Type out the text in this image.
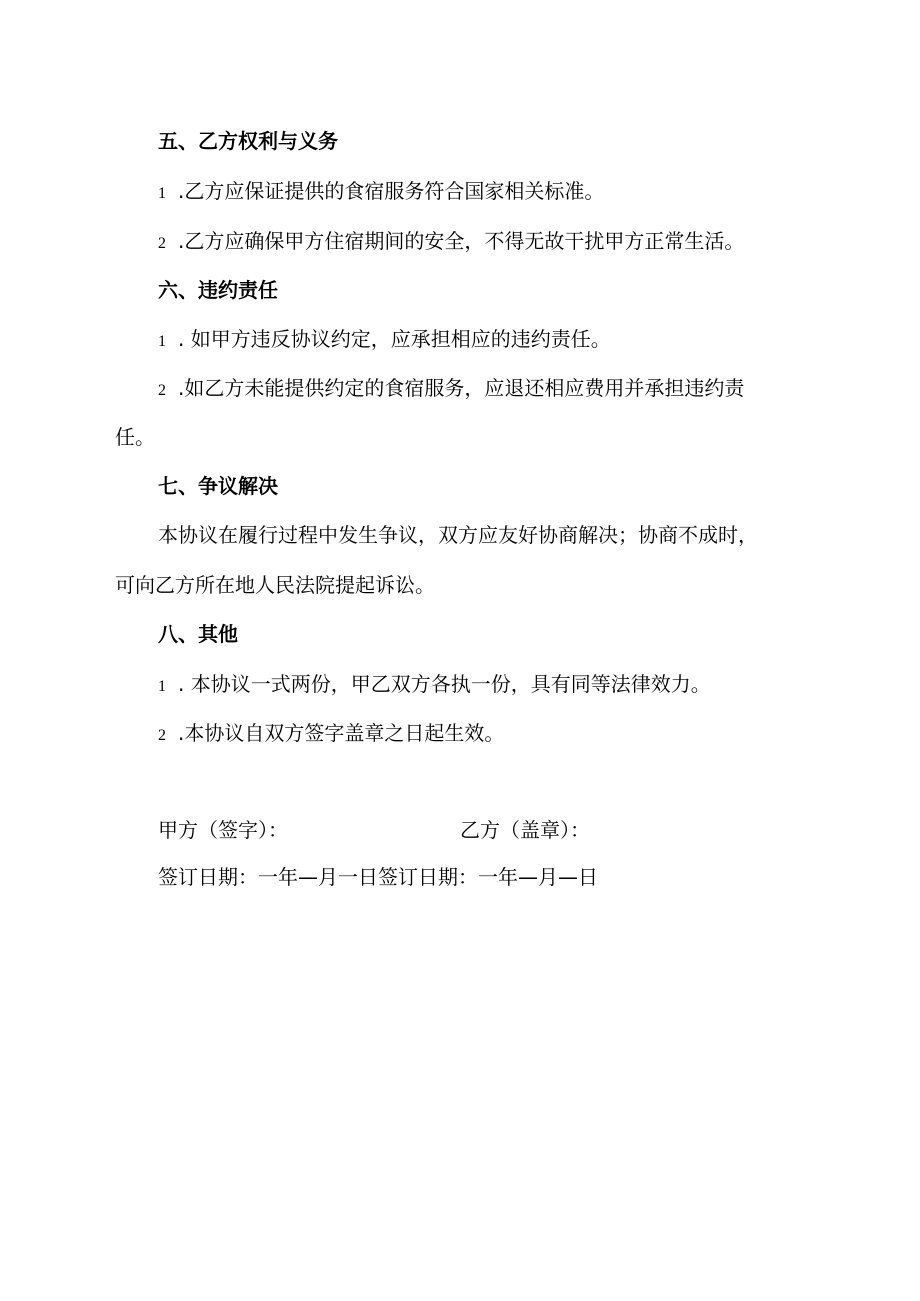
五、乙方权利与义务

1 .乙方应保证提供的食宿服务符合国家相关标准。

2 .乙方应确保甲方住宿期间的安全，不得无故干扰甲方正常生活。

六、违约责任

1 . 如甲方违反协议约定，应承担相应的违约责任。

2 .如乙方未能提供约定的食宿服务，应退还相应费用并承担违约责

任。

七、争议解决

本协议在履行过程中发生争议，双方应友好协商解决；协商不成时，

可向乙方所在地人民法院提起诉讼。

八、其他

1 . 本协议一式两份，甲乙双方各执一份，具有同等法律效力。

2 .本协议自双方签字盖章之日起生效。

甲方（签字）：	乙方（盖章）：

签订日期：一年—月一日签订日期：一年—月—日
